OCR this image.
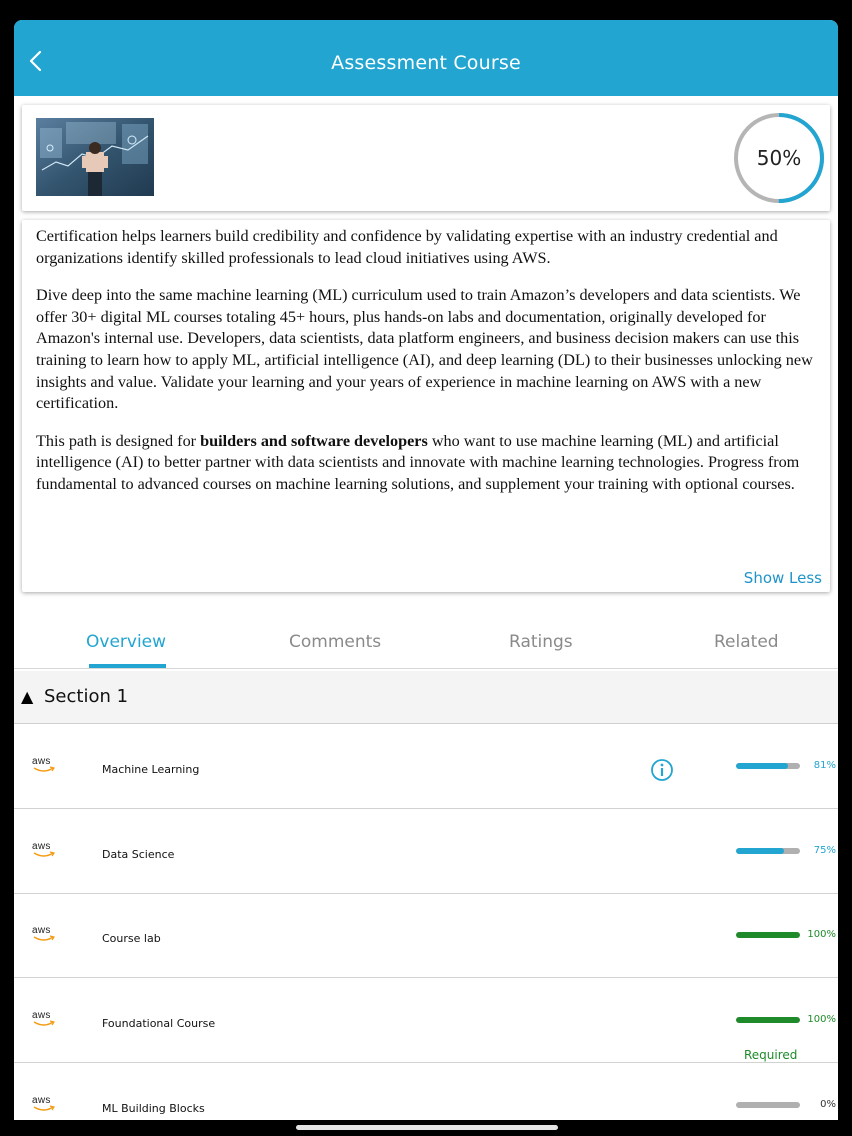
Assessment Course
50%

Certification helps learners build credibility and confidence by validating expertise with an industry credential and organizations identify skilled professionals to lead cloud initiatives using AWS.

Dive deep into the same machine learning (ML) curriculum used to train Amazon’s developers and data scientists. We offer 30+ digital ML courses totaling 45+ hours, plus hands-on labs and documentation, originally developed for Amazon's internal use. Developers, data scientists, data platform engineers, and business decision makers can use this training to learn how to apply ML, artificial intelligence (AI), and deep learning (DL) to their businesses unlocking new insights and value. Validate your learning and your years of experience in machine learning on AWS with a new certification.

This path is designed for builders and software developers who want to use machine learning (ML) and artificial intelligence (AI) to better partner with data scientists and innovate with machine learning technologies. Progress from fundamental to advanced courses on machine learning solutions, and supplement your training with optional courses.

Show Less
Overview	Comments	Ratings	Related
▲ Section 1
aws
Machine Learning	81%
aws
Data Science	75%
aws
Course lab	100%
aws
Foundational Course	100%
Required
aws
ML Building Blocks	0%
